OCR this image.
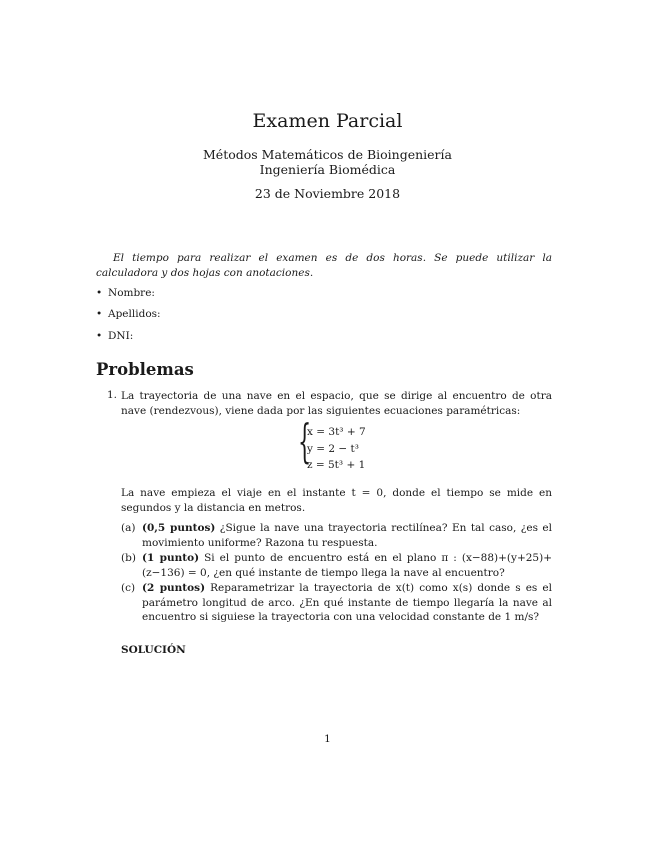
Examen Parcial
Métodos Matemáticos de Bioingeniería
Ingeniería Biomédica
23 de Noviembre 2018
El tiempo para realizar el examen es de dos horas. Se puede utilizar la calculadora y dos hojas con anotaciones.
• Nombre:
• Apellidos:
• DNI:
Problemas
1. La trayectoria de una nave en el espacio, que se dirige al encuentro de otra nave (rendezvous), viene dada por las siguientes ecuaciones paramétricas:
{
x = 3t³ + 7
y = 2 − t³
z = 5t³ + 1
La nave empieza el viaje en el instante t = 0, donde el tiempo se mide en segundos y la distancia en metros.
(a) (0,5 puntos) ¿Sigue la nave una trayectoria rectilínea? En tal caso, ¿es el movimiento uniforme? Razona tu respuesta.
(b) (1 punto) Si el punto de encuentro está en el plano π : (x−88)+(y+25)+(z−136) = 0, ¿en qué instante de tiempo llega la nave al encuentro?
(c) (2 puntos) Reparametrizar la trayectoria de x(t) como x(s) donde s es el parámetro longitud de arco. ¿En qué instante de tiempo llegaría la nave al encuentro si siguiese la trayectoria con una velocidad constante de 1 m/s?
SOLUCIÓN
1
